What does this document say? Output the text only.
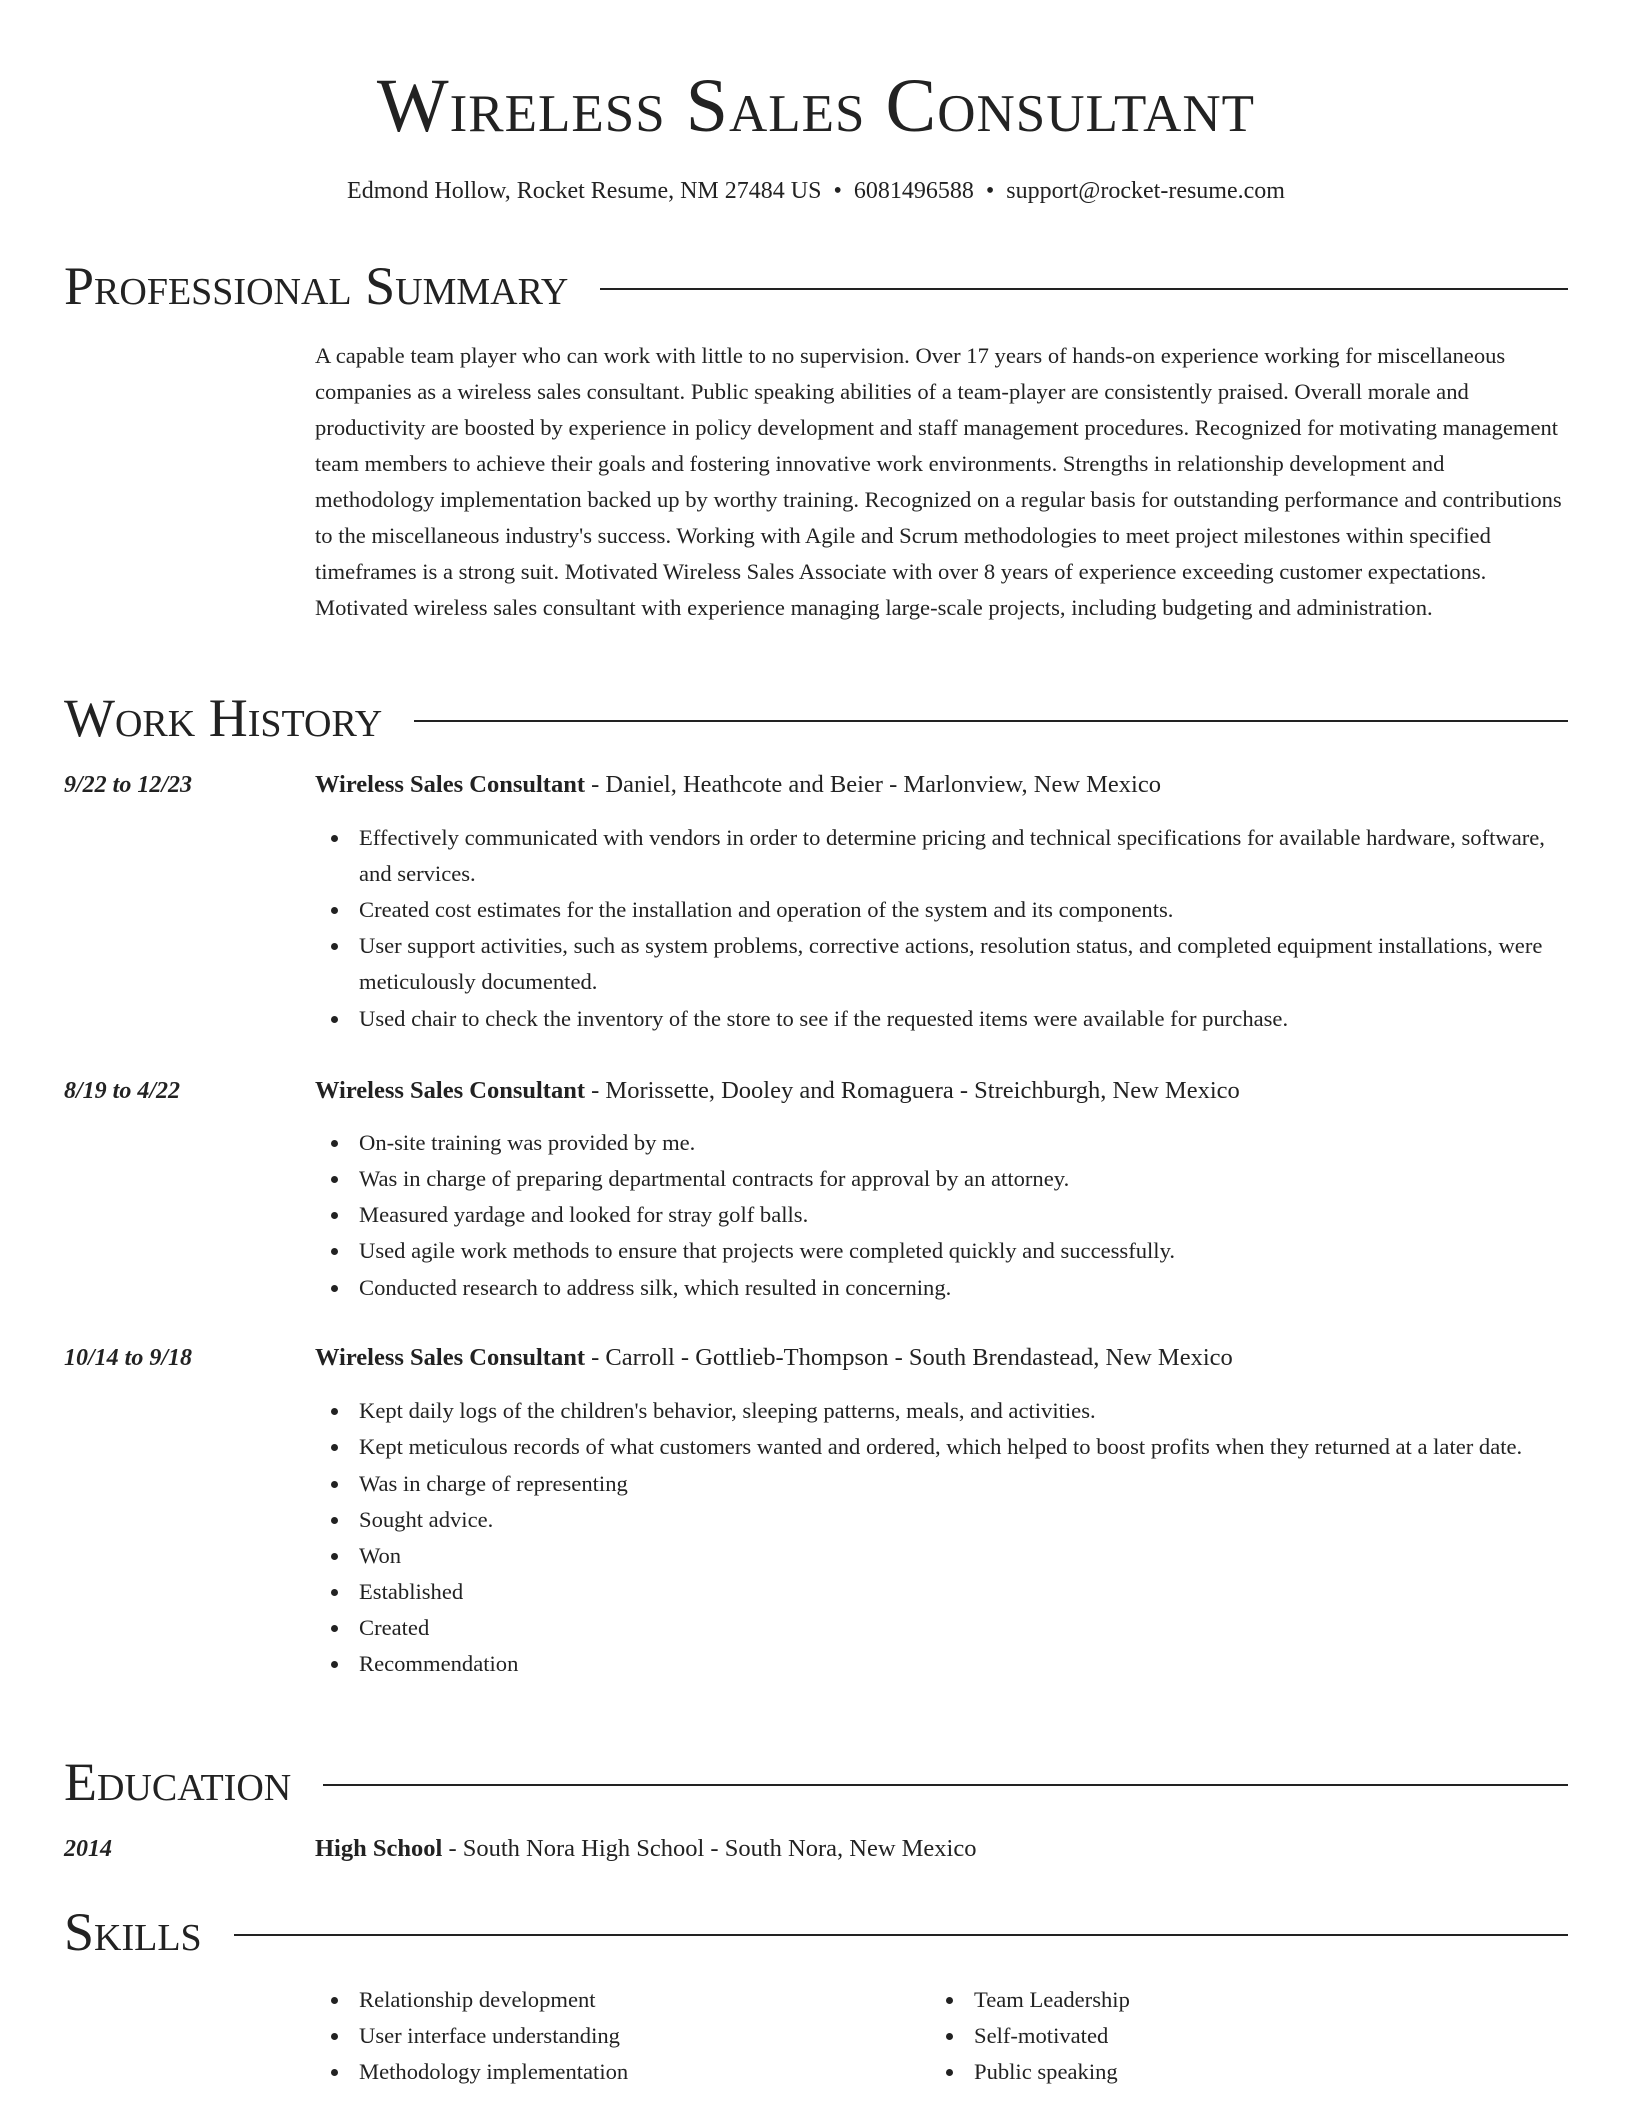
Wireless Sales Consultant
Edmond Hollow, Rocket Resume, NM 27484 US • 6081496588 • support@rocket-resume.com
Professional Summary

A capable team player who can work with little to no supervision. Over 17 years of hands-on experience working for miscellaneous companies as a wireless sales consultant. Public speaking abilities of a team-player are consistently praised. Overall morale and productivity are boosted by experience in policy development and staff management procedures. Recognized for motivating management team members to achieve their goals and fostering innovative work environments. Strengths in relationship development and methodology implementation backed up by worthy training. Recognized on a regular basis for outstanding performance and contributions to the miscellaneous industry's success. Working with Agile and Scrum methodologies to meet project milestones within specified timeframes is a strong suit. Motivated Wireless Sales Associate with over 8 years of experience exceeding customer expectations. Motivated wireless sales consultant with experience managing large-scale projects, including budgeting and administration.

Work History
9/22 to 12/23	Wireless Sales Consultant - Daniel, Heathcote and Beier - Marlonview, New Mexico
Effectively communicated with vendors in order to determine pricing and technical specifications for available hardware, software, and services.
Created cost estimates for the installation and operation of the system and its components.
User support activities, such as system problems, corrective actions, resolution status, and completed equipment installations, were meticulously documented.
Used chair to check the inventory of the store to see if the requested items were available for purchase.
8/19 to 4/22	Wireless Sales Consultant - Morissette, Dooley and Romaguera - Streichburgh, New Mexico
On-site training was provided by me.
Was in charge of preparing departmental contracts for approval by an attorney.
Measured yardage and looked for stray golf balls.
Used agile work methods to ensure that projects were completed quickly and successfully.
Conducted research to address silk, which resulted in concerning.
10/14 to 9/18	Wireless Sales Consultant - Carroll - Gottlieb-Thompson - South Brendastead, New Mexico
Kept daily logs of the children's behavior, sleeping patterns, meals, and activities.
Kept meticulous records of what customers wanted and ordered, which helped to boost profits when they returned at a later date.
Was in charge of representing
Sought advice.
Won
Established
Created
Recommendation
Education
2014	High School - South Nora High School - South Nora, New Mexico
Skills
Relationship development
User interface understanding
Methodology implementation
Team Leadership
Self-motivated
Public speaking
